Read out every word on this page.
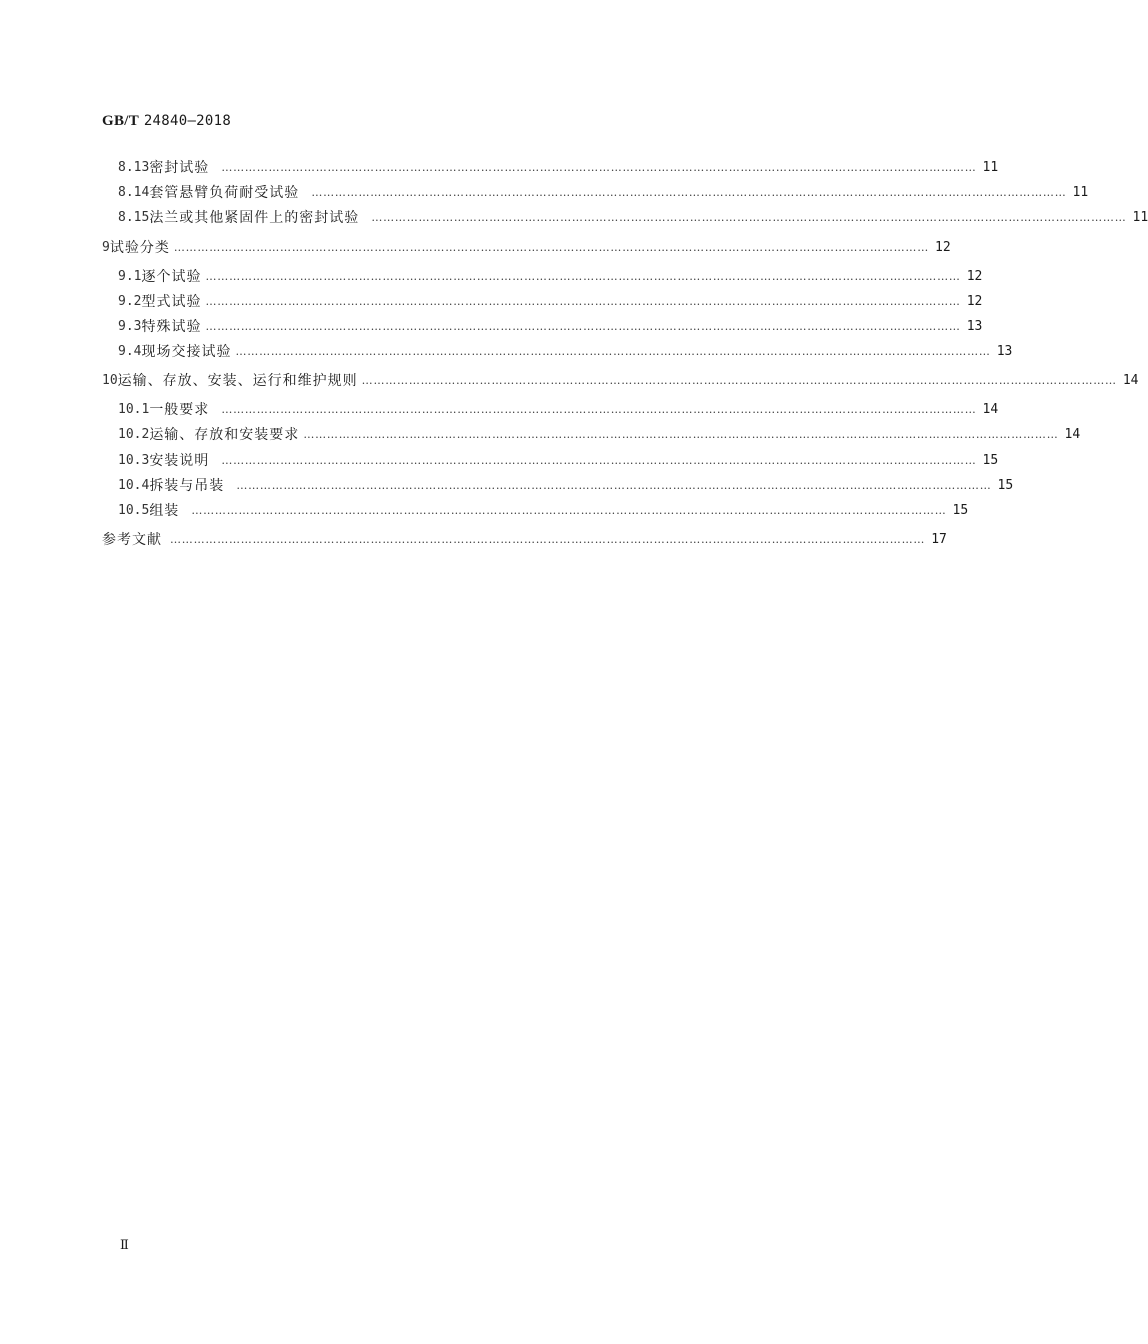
GB/T 24840—2018
8.13 密封试验 ………………………………………………………………………………………………………………………………………………………………………… 11
8.14 套管悬臂负荷耐受试验 ………………………………………………………………………………………………………………………………………………………………………… 11
8.15 法兰或其他紧固件上的密封试验 ………………………………………………………………………………………………………………………………………………………………………… 11
9 试验分类 ………………………………………………………………………………………………………………………………………………………………………… 12
9.1 逐个试验 ………………………………………………………………………………………………………………………………………………………………………… 12
9.2 型式试验 ………………………………………………………………………………………………………………………………………………………………………… 12
9.3 特殊试验 ………………………………………………………………………………………………………………………………………………………………………… 13
9.4 现场交接试验 ………………………………………………………………………………………………………………………………………………………………………… 13
10 运输、存放、安装、运行和维护规则 ………………………………………………………………………………………………………………………………………………………………………… 14
10.1 一般要求 ………………………………………………………………………………………………………………………………………………………………………… 14
10.2 运输、存放和安装要求 ………………………………………………………………………………………………………………………………………………………………………… 14
10.3 安装说明 ………………………………………………………………………………………………………………………………………………………………………… 15
10.4 拆装与吊装 ………………………………………………………………………………………………………………………………………………………………………… 15
10.5 组装 ………………………………………………………………………………………………………………………………………………………………………… 15
参考文献 ………………………………………………………………………………………………………………………………………………………………………… 17
Ⅱ
